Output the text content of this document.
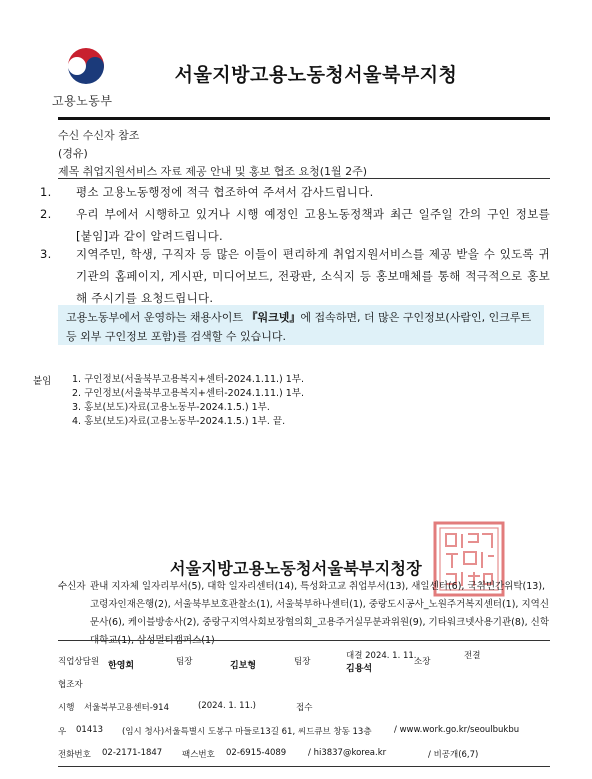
고용노동부
서울지방고용노동청서울북부지청
수신 수신자 참조
(경유)
제목 취업지원서비스 자료 제공 안내 및 홍보 협조 요청(1월 2주)
1. 평소 고용노동행정에 적극 협조하여 주셔서 감사드립니다.
2. 우리 부에서 시행하고 있거나 시행 예정인 고용노동정책과 최근 일주일 간의 구인 정보를 [붙임]과 같이 알려드립니다.
3. 지역주민, 학생, 구직자 등 많은 이들이 편리하게 취업지원서비스를 제공 받을 수 있도록 귀 기관의 홈페이지, 게시판, 미디어보드, 전광판, 소식지 등 홍보매체를 통해 적극적으로 홍보해 주시기를 요청드립니다.
고용노동부에서 운영하는 채용사이트 『워크넷』에 접속하면, 더 많은 구인정보(사람인, 인크루트 등 외부 구인정보 포함)를 검색할 수 있습니다.
붙임 1. 구인정보(서울북부고용복지+센터-2024.1.11.) 1부.
2. 구인정보(서울북부고용복지+센터-2024.1.11.) 1부.
3. 홍보(보도)자료(고용노동부-2024.1.5.) 1부.
4. 홍보(보도)자료(고용노동부-2024.1.5.) 1부. 끝.
서울지방고용노동청서울북부지청장
수신자 관내 지자체 일자리부서(5), 대학 일자리센터(14), 특성화고교 취업부서(13), 새일센터(6), 국취민간위탁(13), 고령자인재은행(2), 서울북부보호관찰소(1), 서울북부하나센터(1), 중랑도시공사_노원주거복지센터(1), 지역신문사(6), 케이블방송사(2), 중랑구지역사회보장협의회_고용주거실무분과위원(9), 기타워크넷사용기관(8), 신학
직업상담원 한영희	팀장	김보형	팀장
대결 2024. 1. 11.
김용석
소장
전결
협조자
시행 서울북부고용센터-914	(2024. 1. 11.)	접수
우 01413 (임시 청사)서울특별시 도봉구 마들로13길 61, 씨드큐브 창동 13층	/ www.work.go.kr/seoulbukbu
전화번호 02-2171-1847 팩스번호 02-6915-4089	/ hi3837@korea.kr	/ 비공개(6,7)
